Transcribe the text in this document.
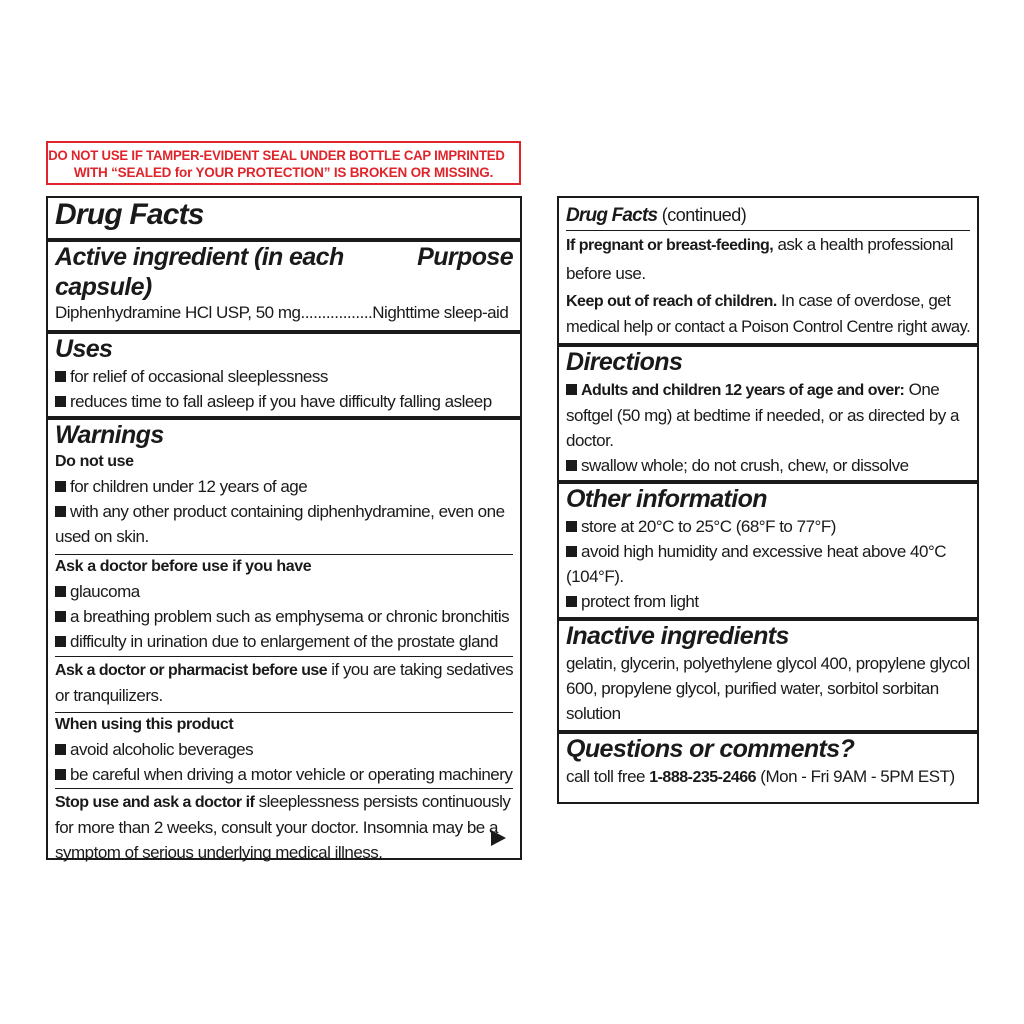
DO NOT USE IF TAMPER-EVIDENT SEAL UNDER BOTTLE CAP IMPRINTED
WITH “SEALED for YOUR PROTECTION” IS BROKEN OR MISSING.
Drug Facts
Active ingredient (in each capsule)
Purpose
Diphenhydramine HCl USP, 50 mg.................Nighttime sleep-aid
Uses
for relief of occasional sleeplessness
reduces time to fall asleep if you have difficulty falling asleep
Warnings
Do not use
for children under 12 years of age
with any other product containing diphenhydramine, even one
used on skin.
Ask a doctor before use if you have
glaucoma
a breathing problem such as emphysema or chronic bronchitis
difficulty in urination due to enlargement of the prostate gland
Ask a doctor or pharmacist before use if you are taking sedatives
or tranquilizers.
When using this product
avoid alcoholic beverages
be careful when driving a motor vehicle or operating machinery
Stop use and ask a doctor if sleeplessness persists continuously
for more than 2 weeks, consult your doctor. Insomnia may be a
symptom of serious underlying medical illness.
Drug Facts (continued)
If pregnant or breast-feeding, ask a health professional
before use.
Keep out of reach of children. In case of overdose, get
medical help or contact a Poison Control Centre right away.
Directions
Adults and children 12 years of age and over: One
softgel (50 mg) at bedtime if needed, or as directed by a
doctor.
swallow whole; do not crush, chew, or dissolve
Other information
store at 20°C to 25°C (68°F to 77°F)
avoid high humidity and excessive heat above 40°C
(104°F).
protect from light
Inactive ingredients
gelatin, glycerin, polyethylene glycol 400, propylene glycol
600, propylene glycol, purified water, sorbitol sorbitan
solution
Questions or comments?
call toll free 1-888-235-2466 (Mon - Fri 9AM - 5PM EST)
